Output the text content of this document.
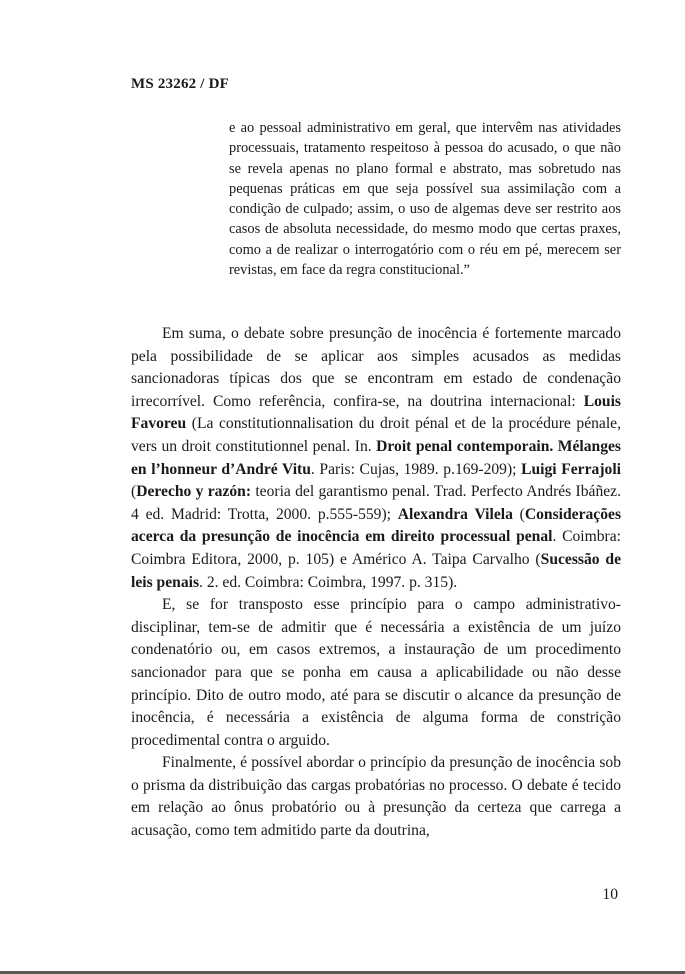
MS 23262 / DF
e ao pessoal administrativo em geral, que intervêm nas atividades processuais, tratamento respeitoso à pessoa do acusado, o que não se revela apenas no plano formal e abstrato, mas sobretudo nas pequenas práticas em que seja possível sua assimilação com a condição de culpado; assim, o uso de algemas deve ser restrito aos casos de absoluta necessidade, do mesmo modo que certas praxes, como a de realizar o interrogatório com o réu em pé, merecem ser revistas, em face da regra constitucional.”

Em suma, o debate sobre presunção de inocência é fortemente marcado pela possibilidade de se aplicar aos simples acusados as medidas sancionadoras típicas dos que se encontram em estado de condenação irrecorrível. Como referência, confira-se, na doutrina internacional: Louis Favoreu (La constitutionnalisation du droit pénal et de la procédure pénale, vers un droit constitutionnel penal. In. Droit penal contemporain. Mélanges en l’honneur d’André Vitu. Paris: Cujas, 1989. p.169-209); Luigi Ferrajoli (Derecho y razón: teoria del garantismo penal. Trad. Perfecto Andrés Ibáñez. 4 ed. Madrid: Trotta, 2000. p.555-559); Alexandra Vilela (Considerações acerca da presunção de inocência em direito processual penal. Coimbra: Coimbra Editora, 2000, p. 105) e Américo A. Taipa Carvalho (Sucessão de leis penais. 2. ed. Coimbra: Coimbra, 1997. p. 315).

E, se for transposto esse princípio para o campo administrativo-disciplinar, tem-se de admitir que é necessária a existência de um juízo condenatório ou, em casos extremos, a instauração de um procedimento sancionador para que se ponha em causa a aplicabilidade ou não desse princípio. Dito de outro modo, até para se discutir o alcance da presunção de inocência, é necessária a existência de alguma forma de constrição procedimental contra o arguido.

Finalmente, é possível abordar o princípio da presunção de inocência sob o prisma da distribuição das cargas probatórias no processo. O debate é tecido em relação ao ônus probatório ou à presunção da certeza que carrega a acusação, como tem admitido parte da doutrina,

10
